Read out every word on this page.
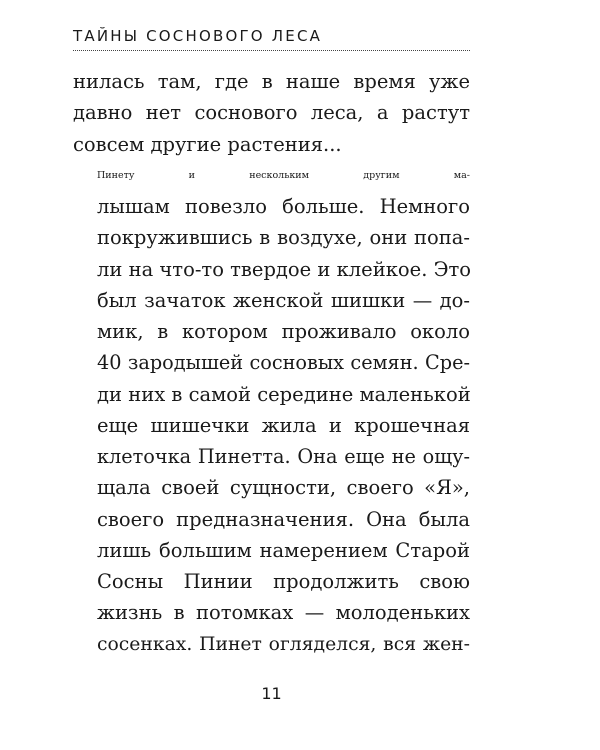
ТАЙНЫ СОСНОВОГО ЛЕСА
нилась там, где в наше время уже
давно нет соснового леса, а растут
совсем другие растения...
Пинету и нескольким другим ма-
лышам повезло больше. Немного
покружившись в воздухе, они попа-
ли на что-то твердое и клейкое. Это
был зачаток женской шишки — до-
мик, в котором проживало около
40 зародышей сосновых семян. Сре-
ди них в самой середине маленькой
еще шишечки жила и крошечная
клеточка Пинетта. Она еще не ощу-
щала своей сущности, своего «Я»,
своего предназначения. Она была
лишь большим намерением Старой
Сосны Пинии продолжить свою
жизнь в потомках — молоденьких
сосенках. Пинет огляделся, вся жен-
11
